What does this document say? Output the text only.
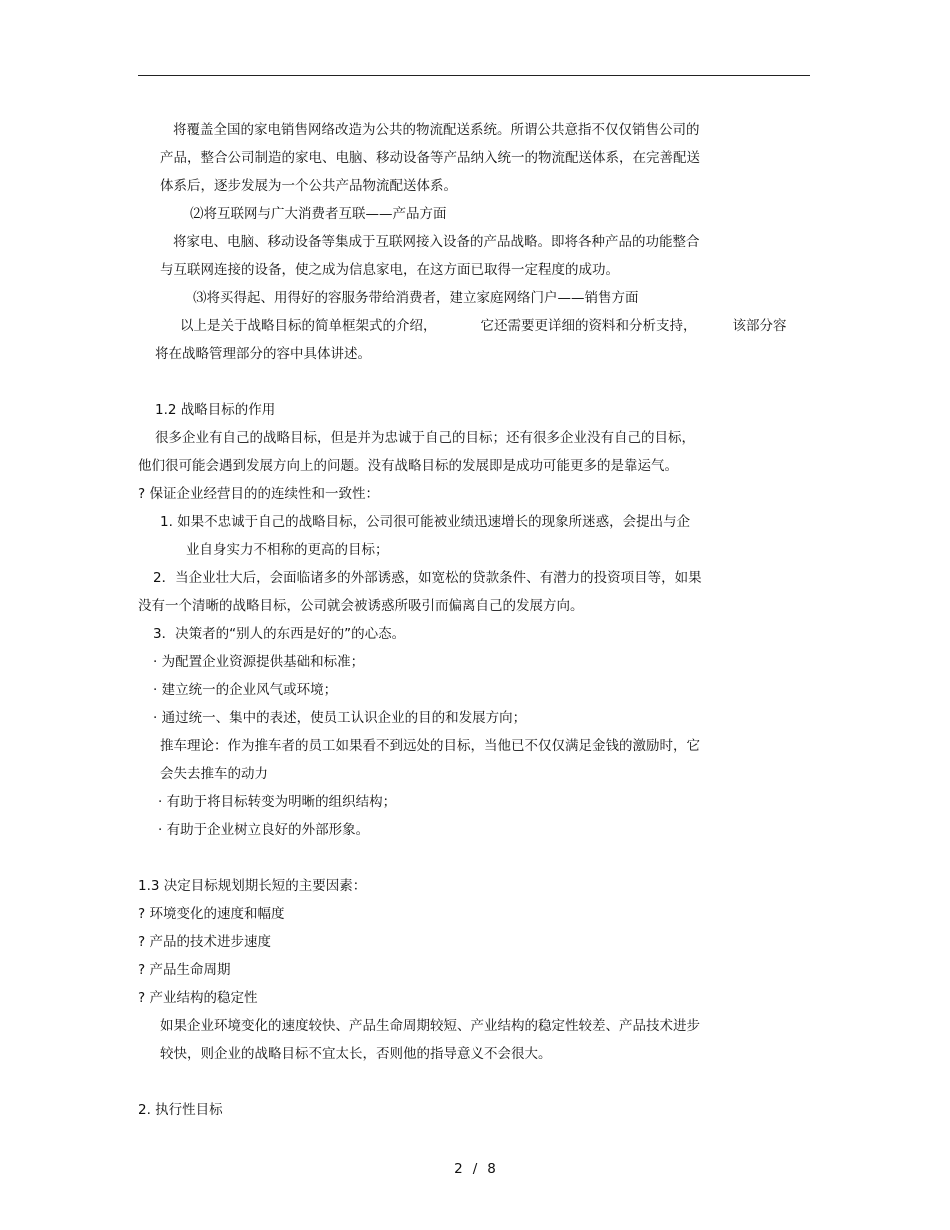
将覆盖全国的家电销售网络改造为公共的物流配送系统。所谓公共意指不仅仅销售公司的

产品，整合公司制造的家电、电脑、移动设备等产品纳入统一的物流配送体系，在完善配送

体系后，逐步发展为一个公共产品物流配送体系。

⑵将互联网与广大消费者互联——产品方面

将家电、电脑、移动设备等集成于互联网接入设备的产品战略。即将各种产品的功能整合

与互联网连接的设备，使之成为信息家电，在这方面已取得一定程度的成功。

⑶将买得起、用得好的容服务带给消费者，建立家庭网络门户——销售方面

以上是关于战略目标的简单框架式的介绍，	它还需要更详细的资料和分析支持，	该部分容

将在战略管理部分的容中具体讲述。

1.2 战略目标的作用

很多企业有自己的战略目标，但是并为忠诚于自己的目标；还有很多企业没有自己的目标，

他们很可能会遇到发展方向上的问题。没有战略目标的发展即是成功可能更多的是靠运气。

? 保证企业经营目的的连续性和一致性：

1. 如果不忠诚于自己的战略目标，公司很可能被业绩迅速增长的现象所迷惑，会提出与企

业自身实力不相称的更高的目标；

2．当企业壮大后，会面临诸多的外部诱惑，如宽松的贷款条件、有潜力的投资项目等，如果

没有一个清晰的战略目标，公司就会被诱惑所吸引而偏离自己的发展方向。

3．决策者的“别人的东西是好的”的心态。

· 为配置企业资源提供基础和标准；

· 建立统一的企业风气或环境；

· 通过统一、集中的表述，使员工认识企业的目的和发展方向；

推车理论：作为推车者的员工如果看不到远处的目标，当他已不仅仅满足金钱的激励时，它

会失去推车的动力

· 有助于将目标转变为明晰的组织结构；

· 有助于企业树立良好的外部形象。

1.3 决定目标规划期长短的主要因素：

? 环境变化的速度和幅度

? 产品的技术进步速度

? 产品生命周期

? 产业结构的稳定性

如果企业环境变化的速度较快、产品生命周期较短、产业结构的稳定性较差、产品技术进步

较快，则企业的战略目标不宜太长，否则他的指导意义不会很大。

2. 执行性目标

2 / 8
